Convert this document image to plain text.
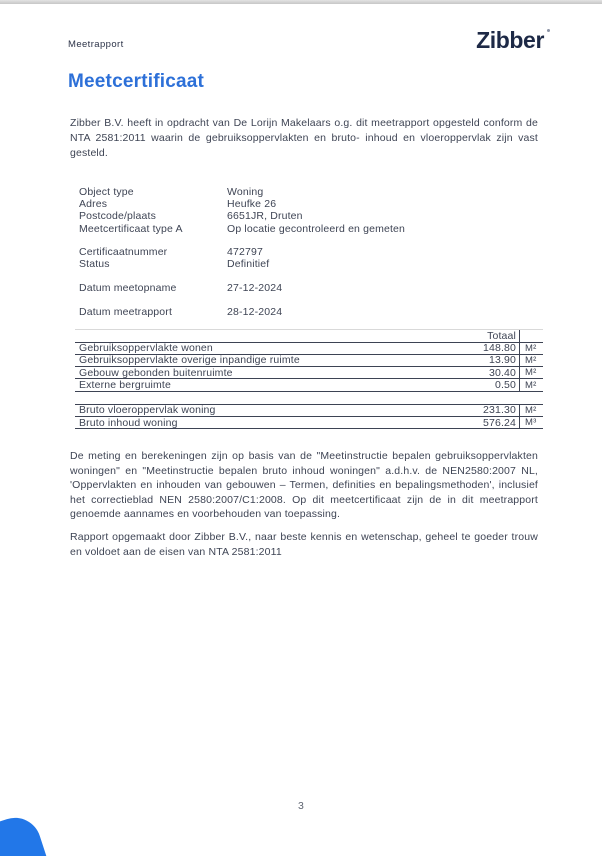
Meetrapport	Zibber
Meetcertificaat

Zibber B.V. heeft in opdracht van De Lorijn Makelaars o.g. dit meetrapport opgesteld conform de NTA 2581:2011 waarin de gebruiksoppervlakten en bruto- inhoud en vloeroppervlak zijn vast gesteld.

Object type	Woning
Adres	Heufke 26
Postcode/plaats	6651JR, Druten
Meetcertificaat type A	Op locatie gecontroleerd en gemeten
Certificaatnummer	472797
Status	Definitief
Datum meetopname	27-12-2024
Datum meetrapport	28-12-2024
Totaal
Gebruiksoppervlakte wonen	148.80 M²
Gebruiksoppervlakte overige inpandige ruimte	13.90 M²
Gebouw gebonden buitenruimte	30.40 M²
Externe bergruimte	0.50 M²
Bruto vloeroppervlak woning	231.30 M²
Bruto inhoud woning	576.24 M³

De meting en berekeningen zijn op basis van de "Meetinstructie bepalen gebruiksoppervlakten woningen" en "Meetinstructie bepalen bruto inhoud woningen" a.d.h.v. de NEN2580:2007 NL, 'Oppervlakten en inhouden van gebouwen – Termen, definities en bepalingsmethoden', inclusief het correctieblad NEN 2580:2007/C1:2008. Op dit meetcertificaat zijn de in dit meetrapport genoemde aannames en voorbehouden van toepassing.

Rapport opgemaakt door Zibber B.V., naar beste kennis en wetenschap, geheel te goeder trouw en voldoet aan de eisen van NTA 2581:2011

3
